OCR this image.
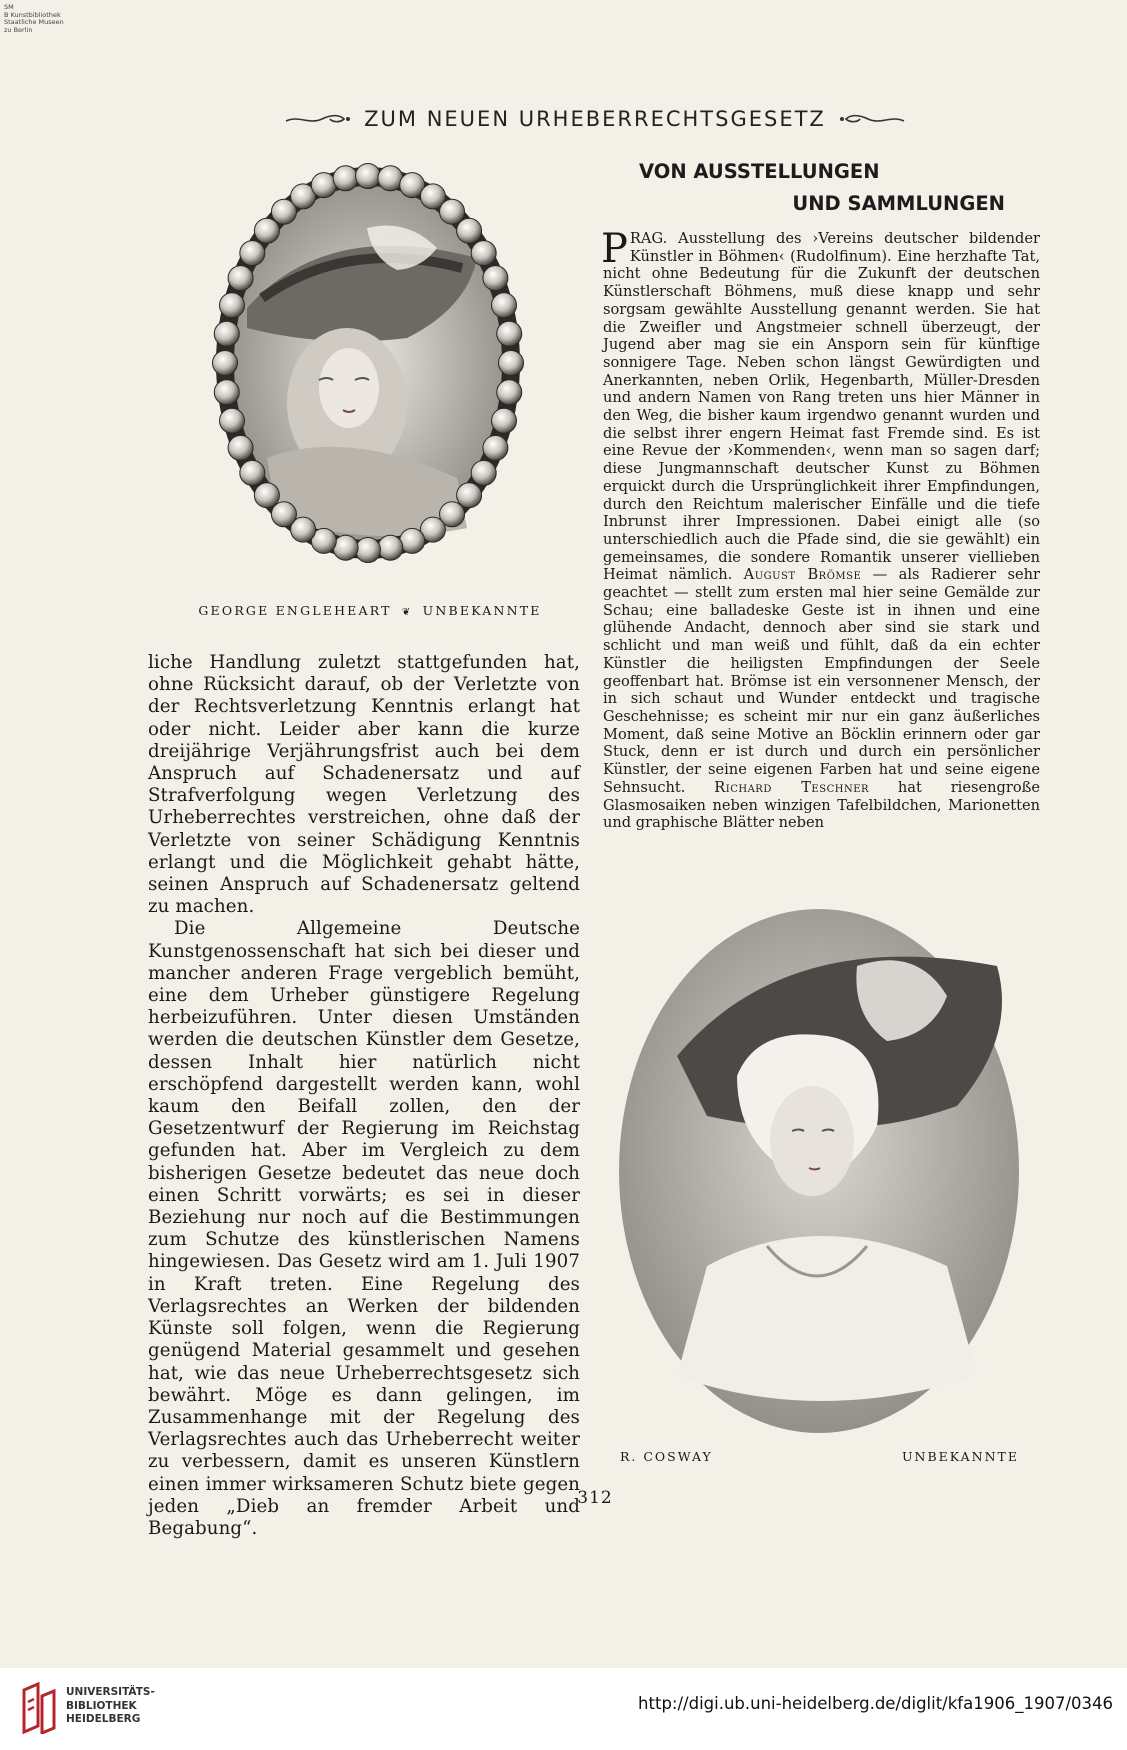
SM
B Kunstbibliothek
Staatliche Museen
zu Berlin
ZUM NEUEN URHEBERRECHTSGESETZ
GEORGE ENGLEHEART ❦ UNBEKANNTE

liche Handlung zuletzt stattgefunden hat, ohne Rücksicht darauf, ob der Verletzte von der Rechtsverletzung Kenntnis erlangt hat oder nicht. Leider aber kann die kurze dreijährige Verjährungsfrist auch bei dem Anspruch auf Schadenersatz und auf Strafverfolgung wegen Verletzung des Urheberrechtes verstreichen, ohne daß der Verletzte von seiner Schädigung Kenntnis erlangt und die Möglichkeit gehabt hätte, seinen Anspruch auf Schadenersatz geltend zu machen.

Die Allgemeine Deutsche Kunstgenossenschaft hat sich bei dieser und mancher anderen Frage vergeblich bemüht, eine dem Urheber günstigere Regelung herbeizuführen. Unter diesen Umständen werden die deutschen Künstler dem Gesetze, dessen Inhalt hier natürlich nicht erschöpfend dargestellt werden kann, wohl kaum den Beifall zollen, den der Gesetzentwurf der Regierung im Reichstag gefunden hat. Aber im Vergleich zu dem bisherigen Gesetze bedeutet das neue doch einen Schritt vorwärts; es sei in dieser Beziehung nur noch auf die Bestimmungen zum Schutze des künstlerischen Namens hingewiesen. Das Gesetz wird am 1. Juli 1907 in Kraft treten. Eine Regelung des Verlagsrechtes an Werken der bildenden Künste soll folgen, wenn die Regierung genügend Material gesammelt und gesehen hat, wie das neue Urheberrechtsgesetz sich bewährt. Möge es dann gelingen, im Zusammenhange mit der Regelung des Verlagsrechtes auch das Urheberrecht weiter zu verbessern, damit es unseren Künstlern einen immer wirksameren Schutz biete gegen jeden „Dieb an fremder Arbeit und Begabung“.

VON AUSSTELLUNGEN
UND SAMMLUNGEN

PRAG. Ausstellung des ›Vereins deutscher bildender Künstler in Böhmen‹ (Rudolfinum). Eine herzhafte Tat, nicht ohne Bedeutung für die Zukunft der deutschen Künstlerschaft Böhmens, muß diese knapp und sehr sorgsam gewählte Ausstellung genannt werden. Sie hat die Zweifler und Angstmeier schnell überzeugt, der Jugend aber mag sie ein Ansporn sein für künftige sonnigere Tage. Neben schon längst Gewürdigten und Anerkannten, neben Orlik, Hegenbarth, Müller-Dresden und andern Namen von Rang treten uns hier Männer in den Weg, die bisher kaum irgendwo genannt wurden und die selbst ihrer engern Heimat fast Fremde sind. Es ist eine Revue der ›Kommenden‹, wenn man so sagen darf; diese Jungmannschaft deutscher Kunst zu Böhmen erquickt durch die Ursprünglichkeit ihrer Empfindungen, durch den Reichtum malerischer Einfälle und die tiefe Inbrunst ihrer Impressionen. Dabei einigt alle (so unterschiedlich auch die Pfade sind, die sie gewählt) ein gemeinsames, die sondere Romantik unserer viellieben Heimat nämlich. August Brömse — als Radierer sehr geachtet — stellt zum ersten mal hier seine Gemälde zur Schau; eine balladeske Geste ist in ihnen und eine glühende Andacht, dennoch aber sind sie stark und schlicht und man weiß und fühlt, daß da ein echter Künstler die heiligsten Empfindungen der Seele geoffenbart hat. Brömse ist ein versonnener Mensch, der in sich schaut und Wunder entdeckt und tragische Geschehnisse; es scheint mir nur ein ganz äußerliches Moment, daß seine Motive an Böcklin erinnern oder gar Stuck, denn er ist durch und durch ein persönlicher Künstler, der seine eigenen Farben hat und seine eigene Sehnsucht. Richard Teschner hat riesengroße Glasmosaiken neben winzigen Tafelbildchen, Marionetten und graphische Blätter neben

R. COSWAY	UNBEKANNTE
312
UNIVERSITÄTS-
BIBLIOTHEK
HEIDELBERG
http://digi.ub.uni-heidelberg.de/diglit/kfa1906_1907/0346
